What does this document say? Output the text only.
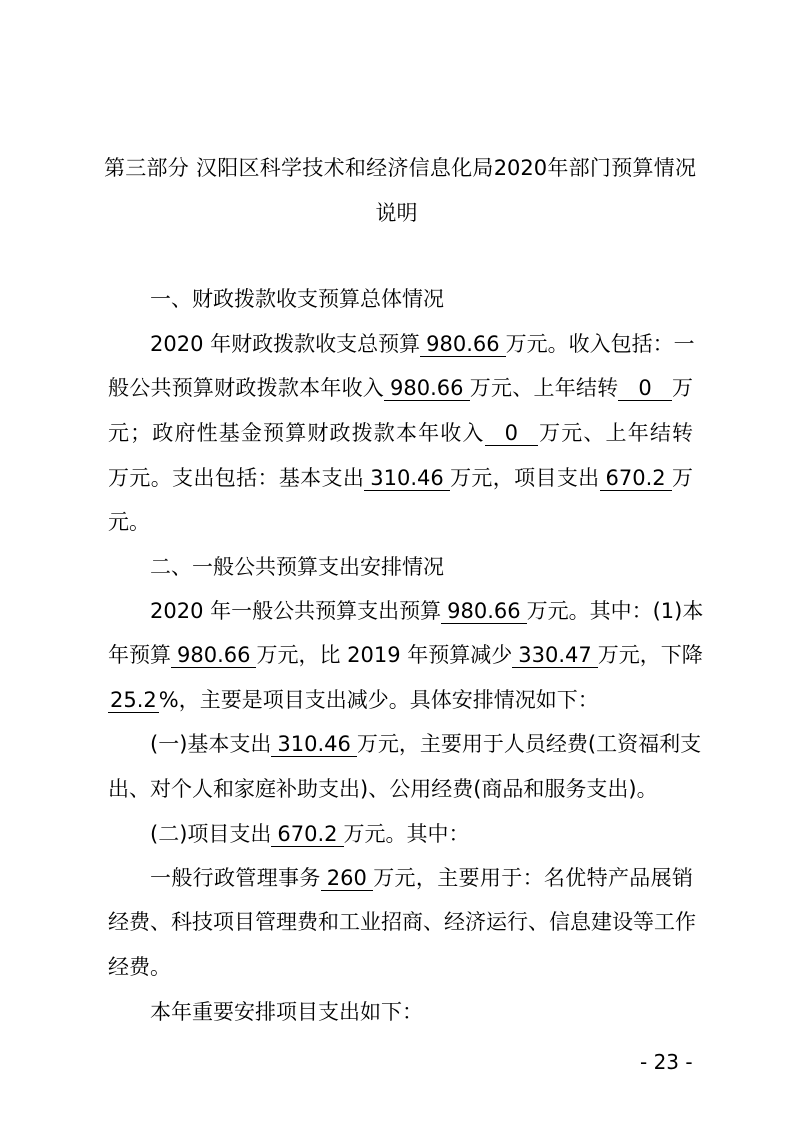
第三部分 汉阳区科学技术和经济信息化局2020年部门预算情况
说明
一、财政拨款收支预算总体情况
2020 年财政拨款收支总预算 980.66 万元。收入包括：一
般公共预算财政拨款本年收入 980.66 万元、上年结转 0 万
元；政府性基金预算财政拨款本年收入 0 万元、上年结转
万元。支出包括：基本支出 310.46 万元，项目支出 670.2 万
元。
二、一般公共预算支出安排情况
2020 年一般公共预算支出预算 980.66 万元。其中：(1)本
年预算 980.66 万元，比 2019 年预算减少 330.47 万元，下降
25.2%，主要是项目支出减少。具体安排情况如下：
(一)基本支出 310.46 万元，主要用于人员经费(工资福利支
出、对个人和家庭补助支出)、公用经费(商品和服务支出)。
(二)项目支出 670.2 万元。其中：
一般行政管理事务 260 万元，主要用于：名优特产品展销
经费、科技项目管理费和工业招商、经济运行、信息建设等工作
经费。
本年重要安排项目支出如下：
- 23 -
